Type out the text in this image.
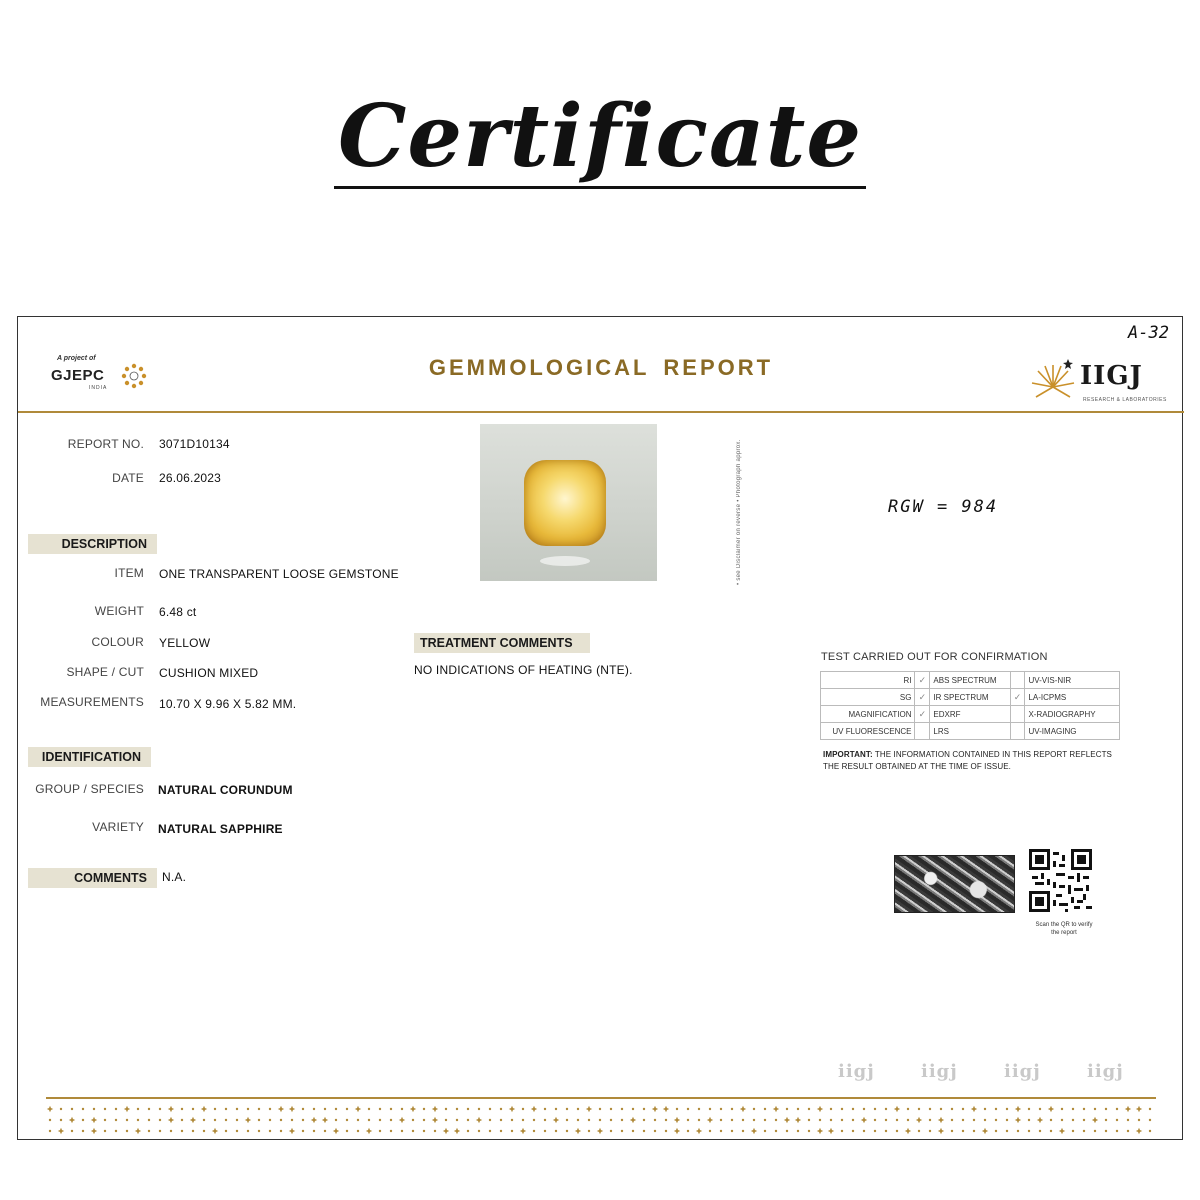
Certificate
A project of
GJEPC
INDIA
GEMMOLOGICAL REPORT
A-32
IIGJ
RESEARCH & LABORATORIES
REPORT NO. 3071D10134
DATE 26.06.2023
DESCRIPTION
ITEM ONE TRANSPARENT LOOSE GEMSTONE
WEIGHT 6.48 ct
COLOUR YELLOW
SHAPE / CUT CUSHION MIXED
MEASUREMENTS 10.70 X 9.96 X 5.82 MM.
IDENTIFICATION
GROUP / SPECIES NATURAL CORUNDUM
VARIETY NATURAL SAPPHIRE
COMMENTS	N.A.
• see Disclaimer on reverse • Photograph approx.
TREATMENT COMMENTS
NO INDICATIONS OF HEATING (NTE).
RGW = 984
TEST CARRIED OUT FOR CONFIRMATION
RI	✓	ABS SPECTRUM		UV-VIS-NIR
SG	✓	IR SPECTRUM	✓	LA-ICPMS
MAGNIFICATION	✓	EDXRF		X-RADIOGRAPHY
UV FLUORESCENCE		LRS		UV-IMAGING
IMPORTANT: THE INFORMATION CONTAINED IN THIS REPORT REFLECTS THE RESULT OBTAINED AT THE TIME OF ISSUE.
Scan the QR to verify the report
iigj	iigj	iigj	iigj
